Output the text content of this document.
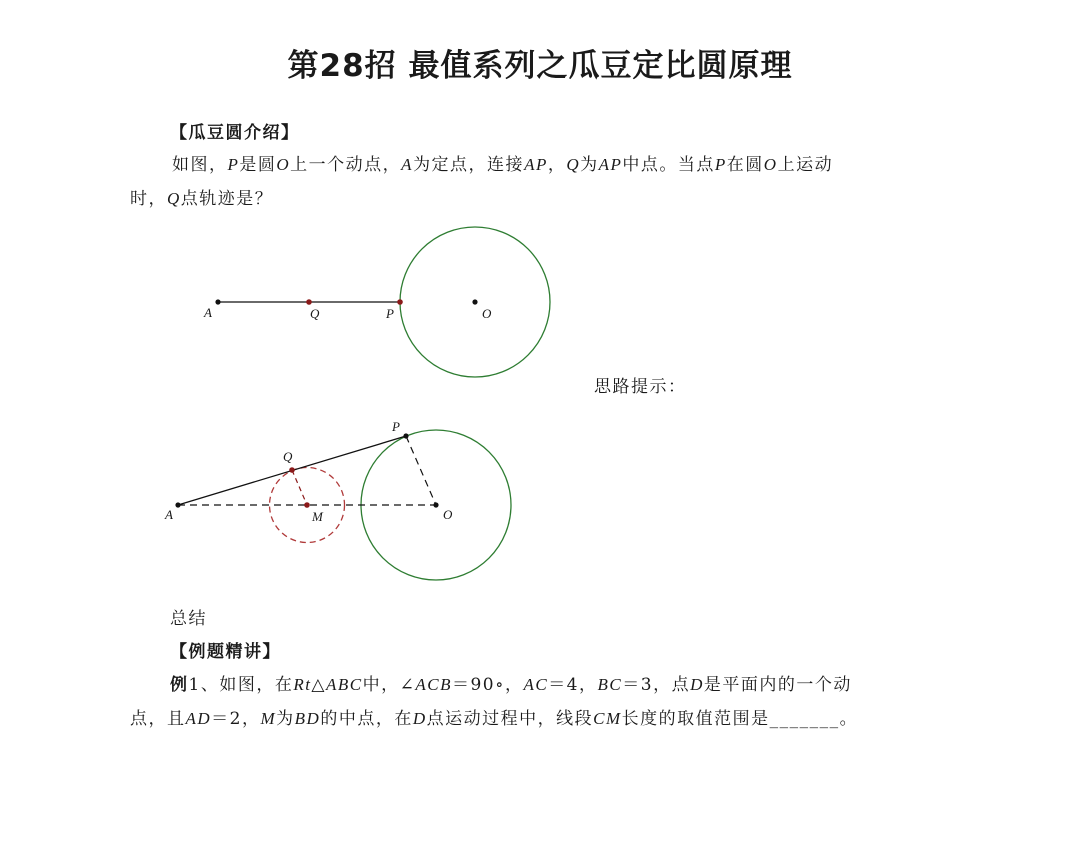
第28招 最值系列之瓜豆定比圆原理
【瓜豆圆介绍】
如图，P是圆O上一个动点，A为定点，连接AP，Q为AP中点。当点P在圆O上运动
时，Q点轨迹是？
A	Q	P	O
A
Q
P
M	O
思路提示：
总结
【例题精讲】
例1、如图，在Rt△ABC中，∠ACB＝90∘，AC＝4，BC＝3，点D是平面内的一个动
点，且AD＝2，M为BD的中点，在D点运动过程中，线段CM长度的取值范围是_______。
